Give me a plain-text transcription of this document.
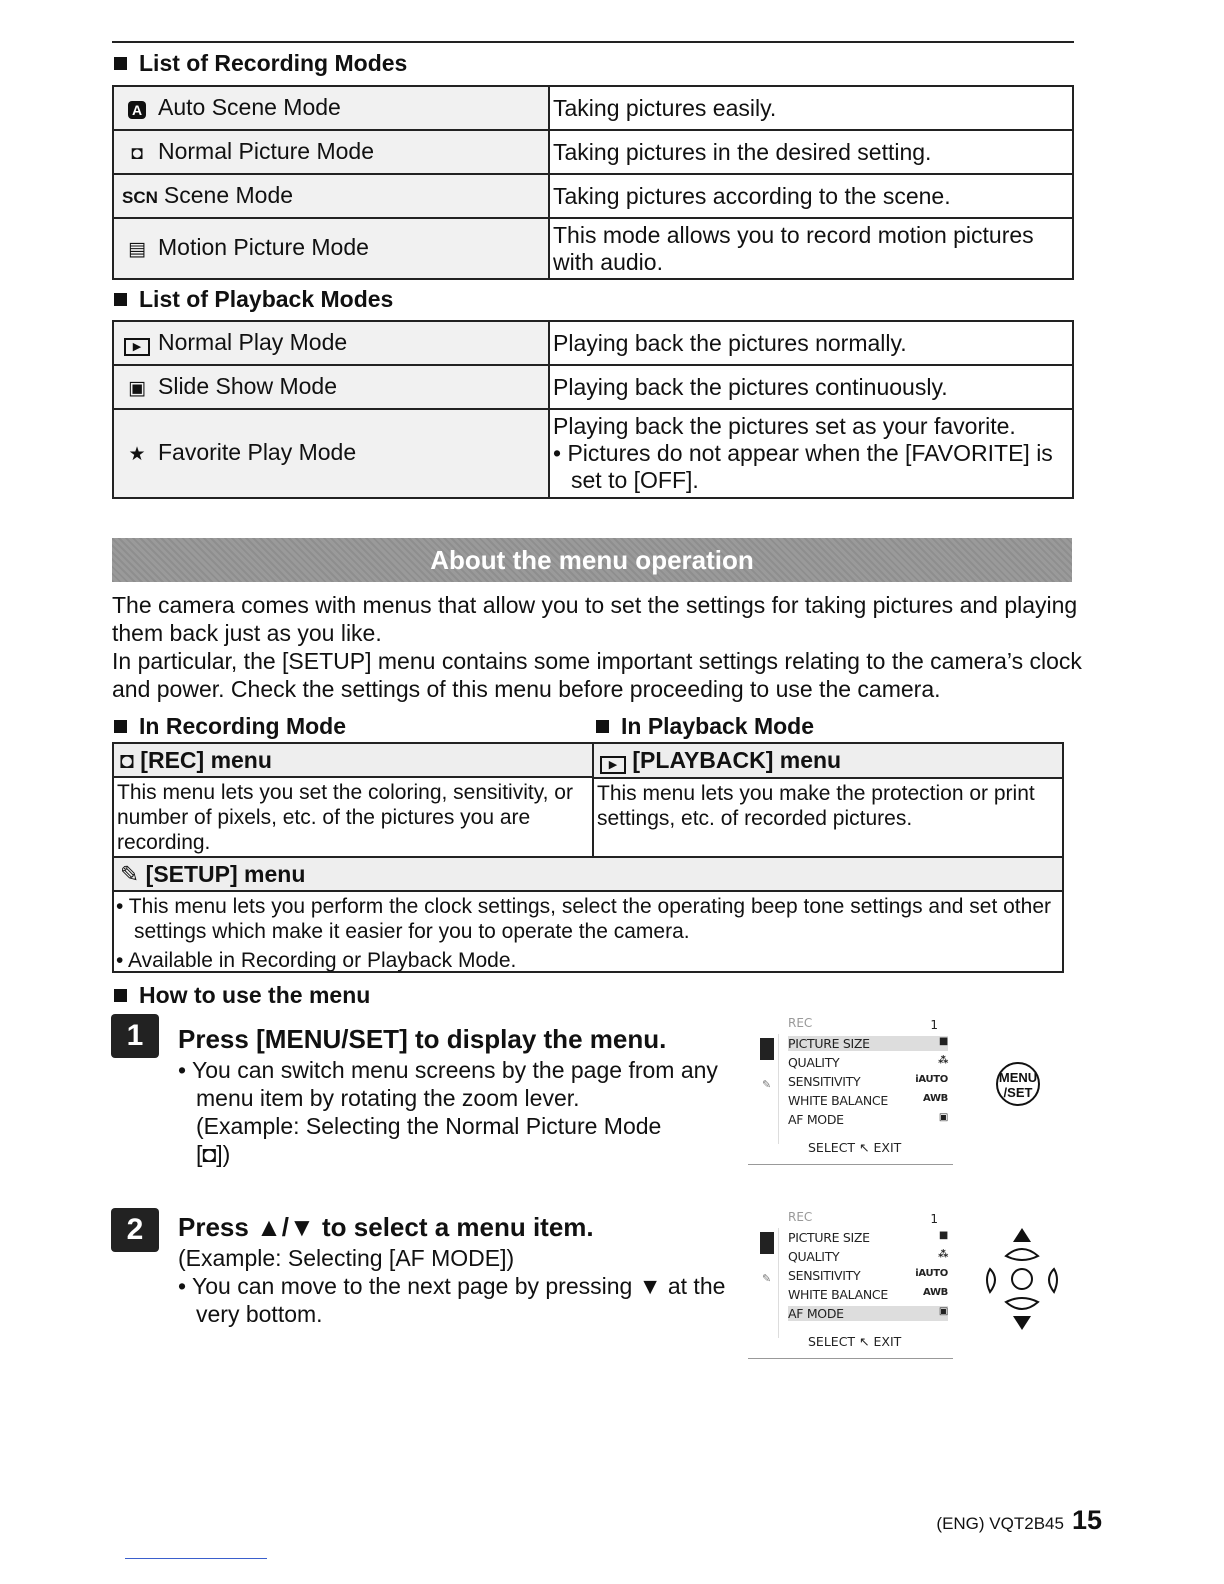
List of Recording Modes
A Auto Scene Mode	Taking pictures easily.
◘ Normal Picture Mode	Taking pictures in the desired setting.
SCN Scene Mode	Taking pictures according to the scene.
▤ Motion Picture Mode	This mode allows you to record motion pictures with audio.
List of Playback Modes
▶ Normal Play Mode	Playing back the pictures normally.
▣ Slide Show Mode	Playing back the pictures continuously.
★ Favorite Play Mode	Playing back the pictures set as your favorite.
• Pictures do not appear when the [FAVORITE] is set to [OFF].
About the menu operation

The camera comes with menus that allow you to set the settings for taking pictures and playing them back just as you like.

In particular, the [SETUP] menu contains some important settings relating to the camera’s clock and power. Check the settings of this menu before proceeding to use the camera.

In Recording Mode	In Playback Mode
◘ [REC] menu
This menu lets you set the coloring, sensitivity, or number of pixels, etc. of the pictures you are recording.
▶ [PLAYBACK] menu
This menu lets you make the protection or print settings, etc. of recorded pictures.
✎ [SETUP] menu
• This menu lets you perform the clock settings, select the operating beep tone settings and set other settings which make it easier for you to operate the camera.
• Available in Recording or Playback Mode.
How to use the menu
1	Press [MENU/SET] to display the menu.
• You can switch menu screens by the page from any menu item by rotating the zoom lever.
(Example: Selecting the Normal Picture Mode
[◘])
2	Press ▲/▼ to select a menu item.
(Example: Selecting [AF MODE])
• You can move to the next page by pressing ▼ at the very bottom.
REC	1
✎
PICTURE SIZE	■
QUALITY	⁂
SENSITIVITY	iAUTO
WHITE BALANCE	AWB
AF MODE	▣
SELECT ↖ EXIT
MENU
/SET
REC	1
✎
PICTURE SIZE	■
QUALITY	⁂
SENSITIVITY	iAUTO
WHITE BALANCE	AWB
AF MODE	▣
SELECT ↖ EXIT
(ENG) VQT2B45 15
